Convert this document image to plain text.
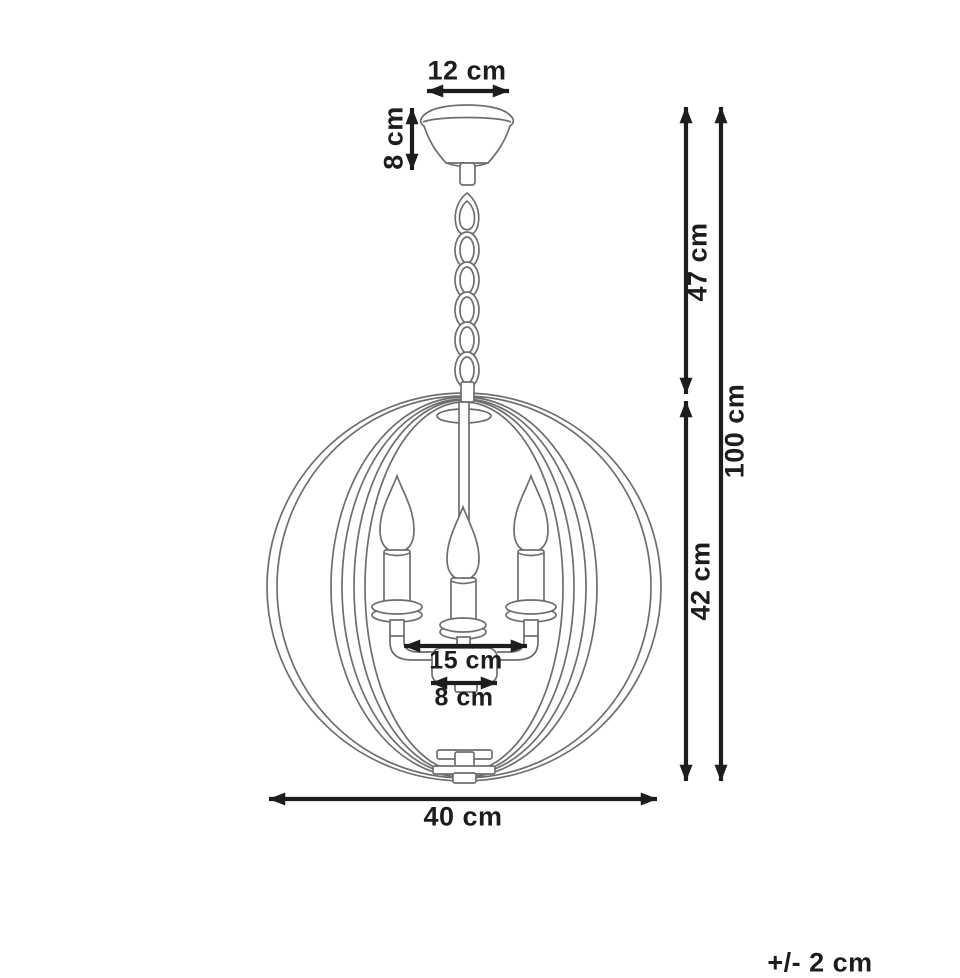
12 cm
8 cm
47 cm
100 cm
42 cm
15 cm
8 cm
40 cm
+/- 2 cm
